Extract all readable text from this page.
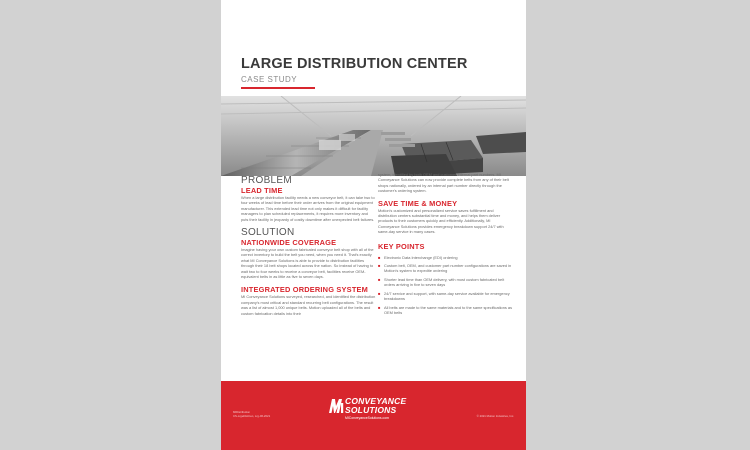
LARGE DISTRIBUTION CENTER
CASE STUDY
PROBLEM
LEAD TIME

When a large distribution facility needs a new conveyor belt, it can take two to four weeks of lead time before their order arrives from the original equipment manufacturer. This extended lead time not only makes it difficult for facility managers to plan scheduled replacements, it requires more inventory and puts their facility in jeopardy of costly downtime after unexpected belt failures.

SOLUTION
NATIONWIDE COVERAGE

Imagine having your own custom fabricated conveyor belt shop with all of the correct inventory to build the belt you need, when you need it. That's exactly what MI Conveyance Solutions is able to provide to distribution facilities through their 18 belt shops located across the nation. So instead of having to wait two to four weeks to receive a conveyor belt, facilities receive OEM-equivalent belts in as little as five to seven days.

INTEGRATED ORDERING SYSTEM

MI Conveyance Solutions surveyed, researched, and identified the distribution company's most critical and standard recurring belt configurations. The result was a list of almost 1,000 unique belts. Motion uploaded all of the belts and custom fabrication details into their

system, identified by both OEM and customer internal part numbers. MI Conveyance Solutions can now provide complete belts from any of their belt shops nationally, ordered by an internal part number directly through the customer's ordering system.

SAVE TIME & MONEY

Motion's customized and personalized service saves fulfillment and distribution centers substantial time and money, and helps them deliver products to their customers quickly and efficiently. Additionally, MI Conveyance Solutions provides emergency breakdown support 24/7 with same-day service in many cases.

KEY POINTS
■ Electronic Data Interchange (EDI) ordering
■ Custom belt, OEM, and customer part number configurations are saved in Motion's system to expedite ordering
■ Shorter lead time than OEM delivery, with most custom fabricated belt orders arriving in five to seven days
■ 24/7 service and support, with same-day service available for emergency breakdowns
■ All belts are made to the same materials and to the same specifications as OEM belts
CONVEYANCE
SOLUTIONS
MIConveyanceSolutions.com
MIDistribution
CS-LrgeDistCen, Lrg-06-2021	© 2021 Motion Industries, Inc.
